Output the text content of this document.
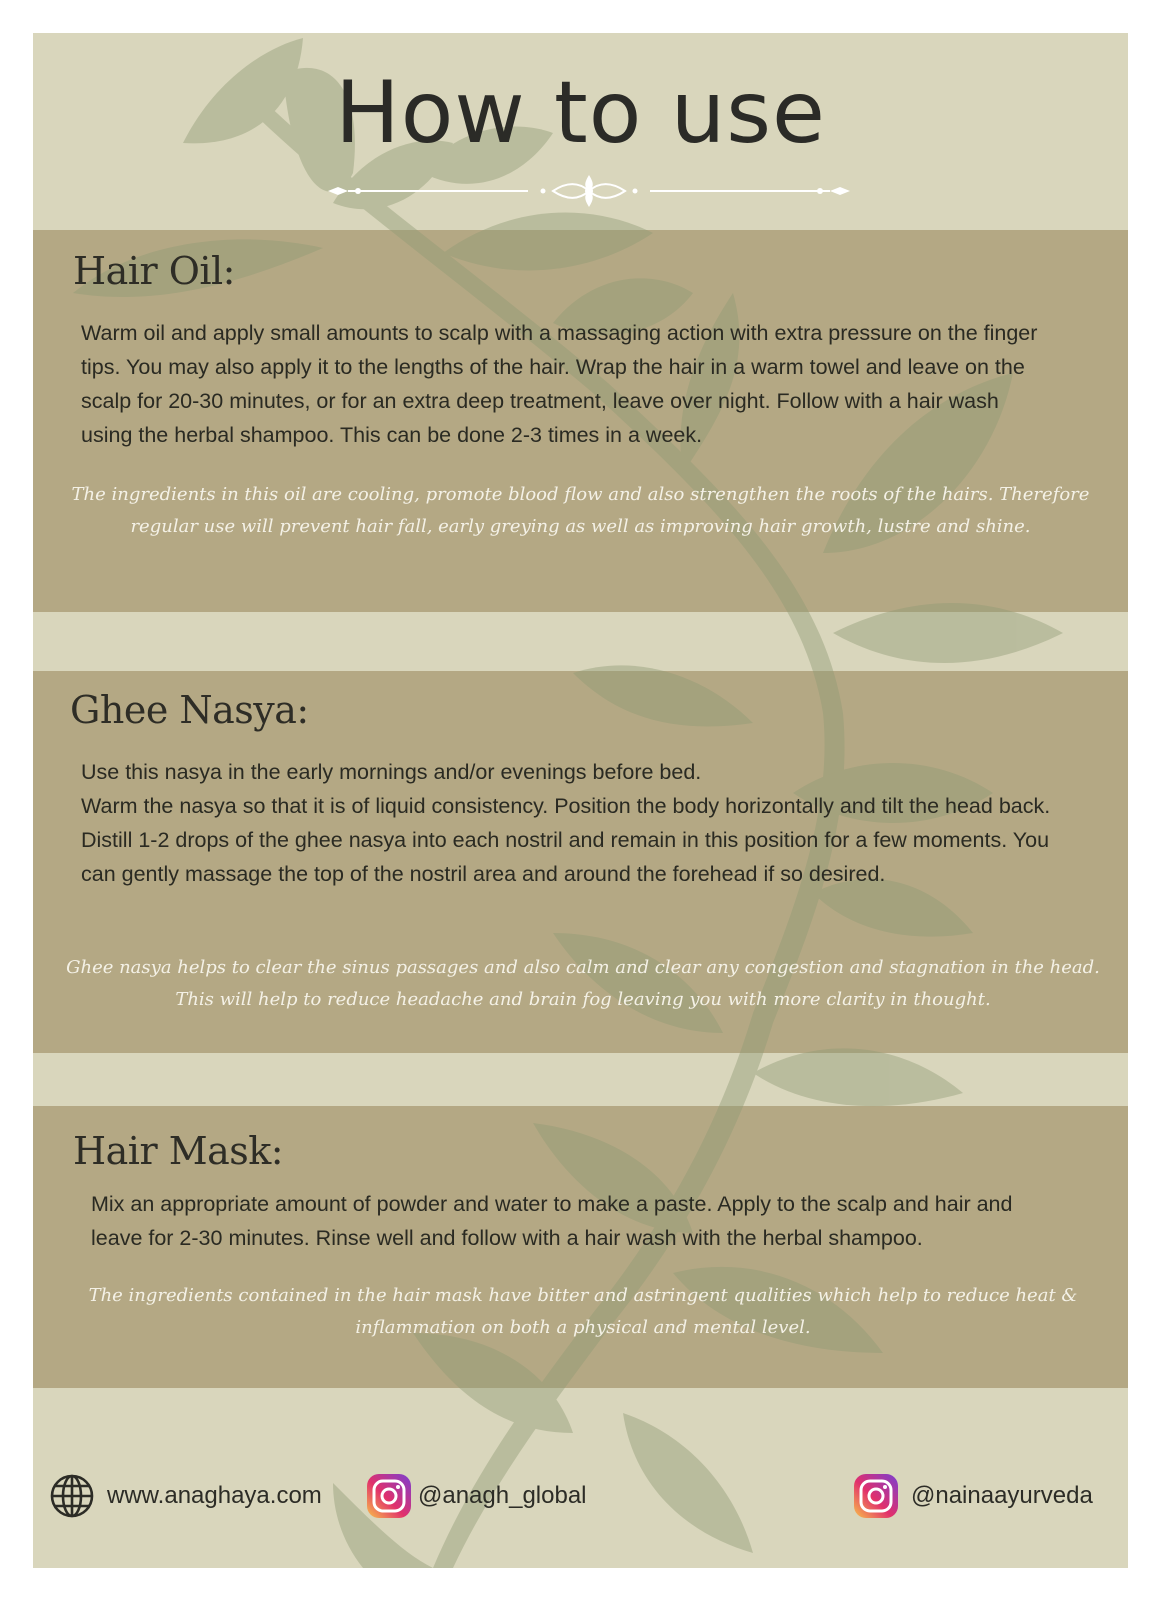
How to use
Hair Oil:

Warm oil and apply small amounts to scalp with a massaging action with extra pressure on the finger tips. You may also apply it to the lengths of the hair. Wrap the hair in a warm towel and leave on the scalp for 20-30 minutes, or for an extra deep treatment, leave over night. Follow with a hair wash using the herbal shampoo. This can be done 2-3 times in a week.

The ingredients in this oil are cooling, promote blood flow and also strengthen the roots of the hairs. Therefore regular use will prevent hair fall, early greying as well as improving hair growth, lustre and shine.

Ghee Nasya:

Use this nasya in the early mornings and/or evenings before bed.
Warm the nasya so that it is of liquid consistency. Position the body horizontally and tilt the head back. Distill 1-2 drops of the ghee nasya into each nostril and remain in this position for a few moments. You can gently massage the top of the nostril area and around the forehead if so desired.

Ghee nasya helps to clear the sinus passages and also calm and clear any congestion and stagnation in the head. This will help to reduce headache and brain fog leaving you with more clarity in thought.

Hair Mask:

Mix an appropriate amount of powder and water to make a paste. Apply to the scalp and hair and leave for 2-30 minutes. Rinse well and follow with a hair wash with the herbal shampoo.

The ingredients contained in the hair mask have bitter and astringent qualities which help to reduce heat & inflammation on both a physical and mental level.

www.anaghaya.com	@anagh_global	@nainaayurveda
